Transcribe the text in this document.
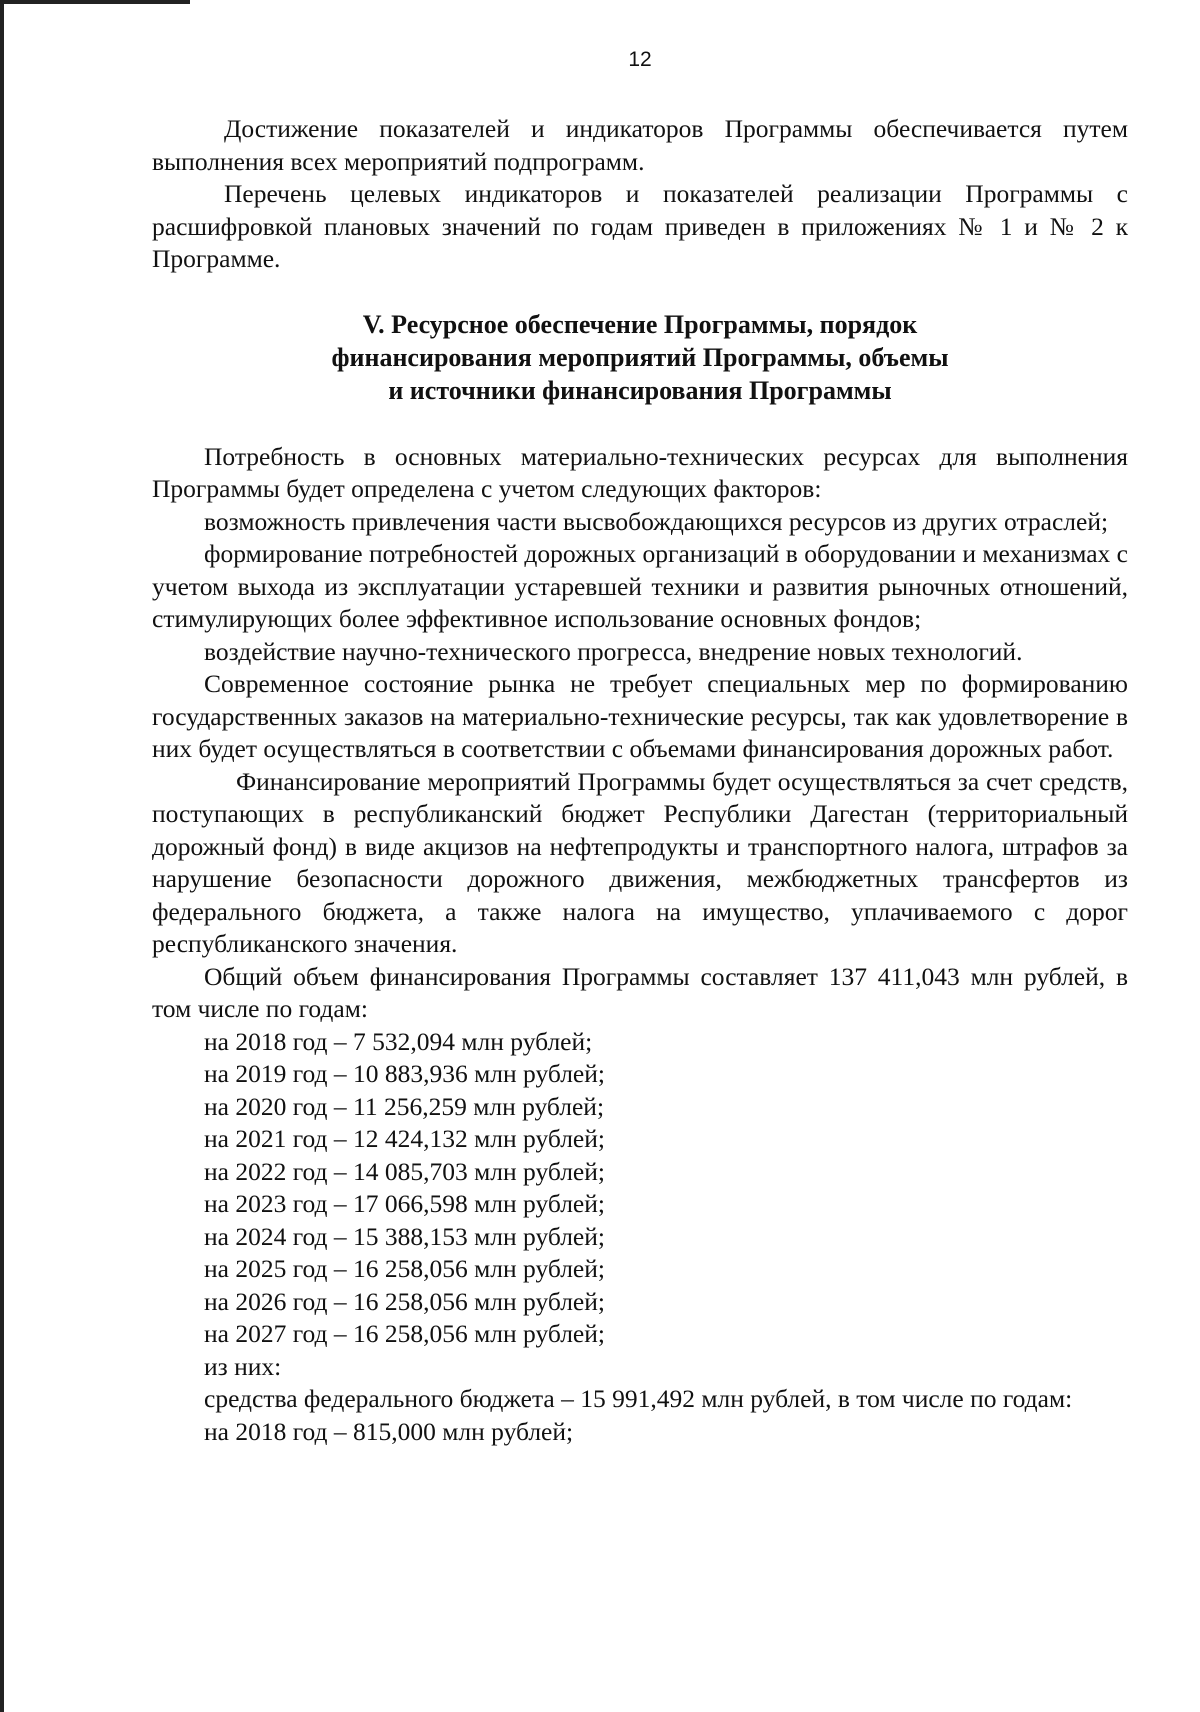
12

Достижение показателей и индикаторов Программы обеспечивается путем выполнения всех мероприятий подпрограмм.

Перечень целевых индикаторов и показателей реализации Программы с расшифровкой плановых значений по годам приведен в приложениях № 1 и № 2 к Программе.

V. Ресурсное обеспечение Программы, порядок
финансирования мероприятий Программы, объемы
и источники финансирования Программы

Потребность в основных материально-технических ресурсах для выполнения Программы будет определена с учетом следующих факторов:

возможность привлечения части высвобождающихся ресурсов из других отраслей;

формирование потребностей дорожных организаций в оборудовании и механизмах с учетом выхода из эксплуатации устаревшей техники и развития рыночных отношений, стимулирующих более эффективное использование основных фондов;

воздействие научно-технического прогресса, внедрение новых технологий.

Современное состояние рынка не требует специальных мер по формированию государственных заказов на материально-технические ресурсы, так как удовлетворение в них будет осуществляться в соответствии с объемами финансирования дорожных работ.

Финансирование мероприятий Программы будет осуществляться за счет средств, поступающих в республиканский бюджет Республики Дагестан (территориальный дорожный фонд) в виде акцизов на нефтепродукты и транспортного налога, штрафов за нарушение безопасности дорожного движения, межбюджетных трансфертов из федерального бюджета, а также налога на имущество, уплачиваемого с дорог республиканского значения.

Общий объем финансирования Программы составляет 137 411,043 млн рублей, в том числе по годам:

на 2018 год – 7 532,094 млн рублей;

на 2019 год – 10 883,936 млн рублей;

на 2020 год – 11 256,259 млн рублей;

на 2021 год – 12 424,132 млн рублей;

на 2022 год – 14 085,703 млн рублей;

на 2023 год – 17 066,598 млн рублей;

на 2024 год – 15 388,153 млн рублей;

на 2025 год – 16 258,056 млн рублей;

на 2026 год – 16 258,056 млн рублей;

на 2027 год – 16 258,056 млн рублей;

из них:

средства федерального бюджета – 15 991,492 млн рублей, в том числе по годам:

на 2018 год – 815,000 млн рублей;
